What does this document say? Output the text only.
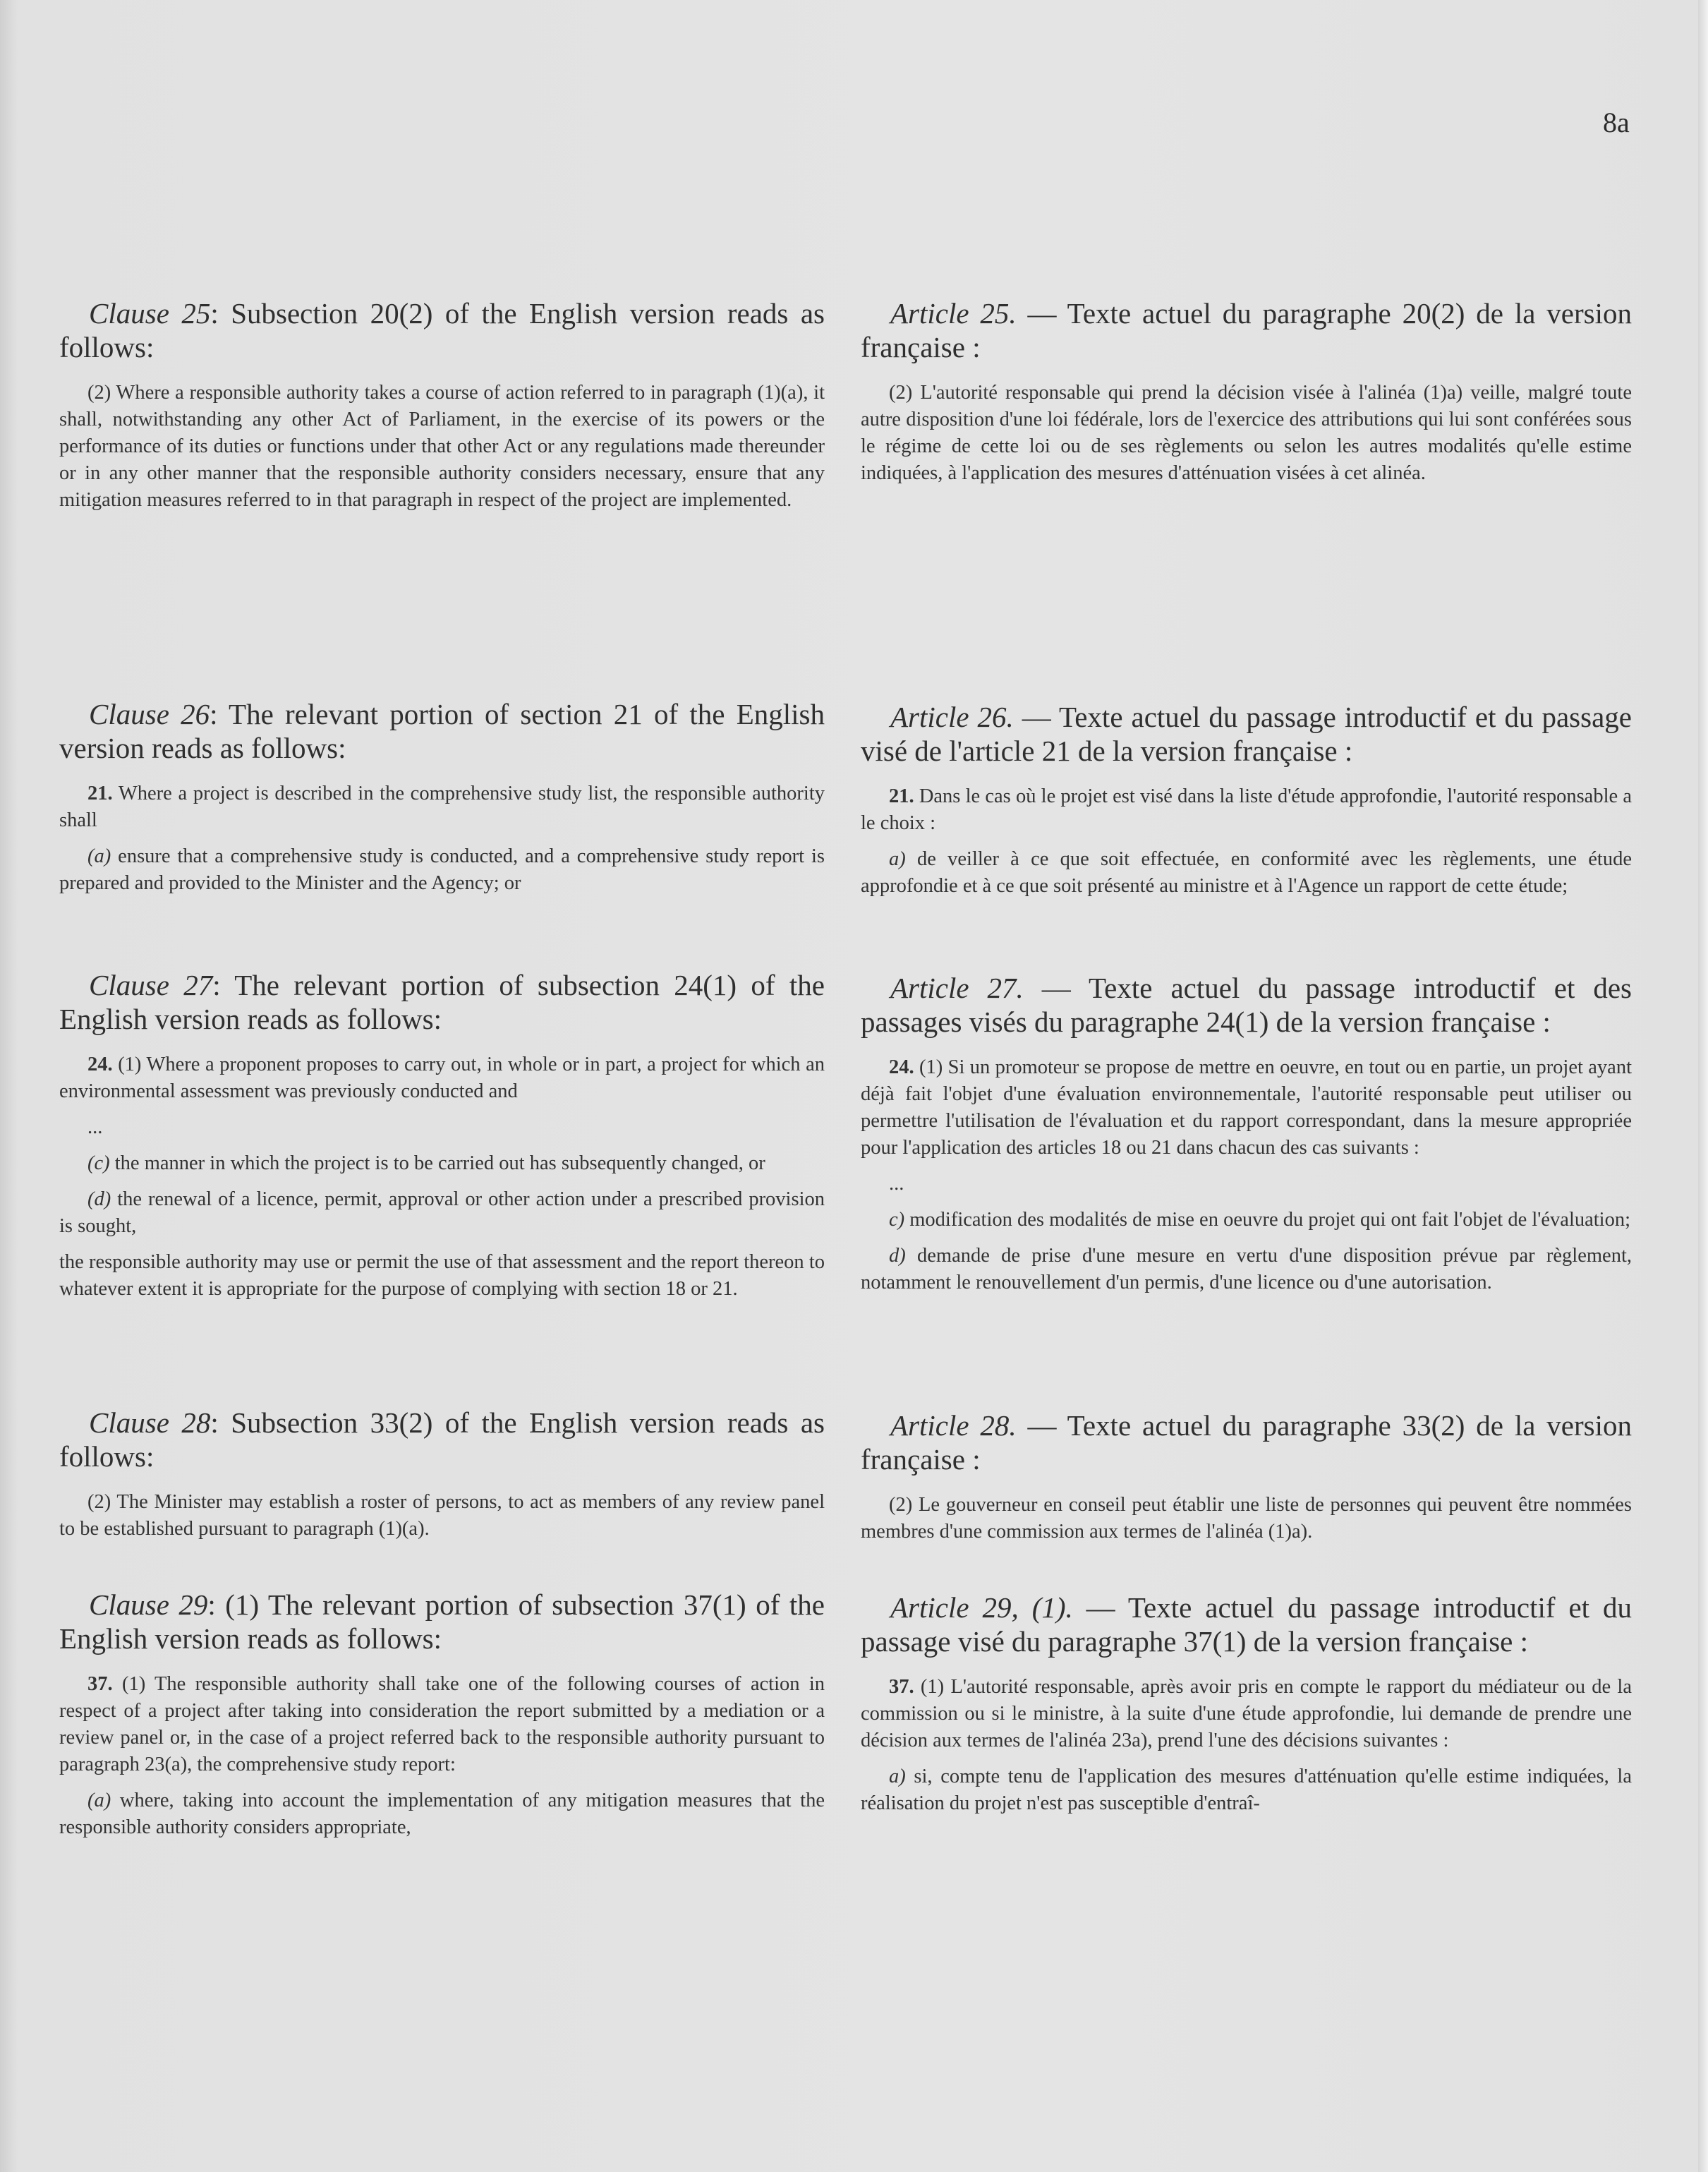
8a
Clause 25: Subsection 20(2) of the English version reads as follows:

(2) Where a responsible authority takes a course of action referred to in paragraph (1)(a), it shall, notwithstanding any other Act of Parliament, in the exercise of its powers or the performance of its duties or functions under that other Act or any regulations made thereunder or in any other manner that the responsible authority considers necessary, ensure that any mitigation measures referred to in that paragraph in respect of the project are implemented.

Clause 26: The relevant portion of section 21 of the English version reads as follows:

21. Where a project is described in the comprehensive study list, the responsible authority shall

(a) ensure that a comprehensive study is conducted, and a comprehensive study report is prepared and provided to the Minister and the Agency; or

Clause 27: The relevant portion of subsection 24(1) of the English version reads as follows:

24. (1) Where a proponent proposes to carry out, in whole or in part, a project for which an environmental assessment was previously conducted and

...

(c) the manner in which the project is to be carried out has subsequently changed, or

(d) the renewal of a licence, permit, approval or other action under a prescribed provision is sought,

the responsible authority may use or permit the use of that assessment and the report thereon to whatever extent it is appropriate for the purpose of complying with section 18 or 21.

Clause 28: Subsection 33(2) of the English version reads as follows:

(2) The Minister may establish a roster of persons, to act as members of any review panel to be established pursuant to paragraph (1)(a).

Clause 29: (1) The relevant portion of subsection 37(1) of the English version reads as follows:

37. (1) The responsible authority shall take one of the following courses of action in respect of a project after taking into consideration the report submitted by a mediation or a review panel or, in the case of a project referred back to the responsible authority pursuant to paragraph 23(a), the comprehensive study report:

(a) where, taking into account the implementation of any mitigation measures that the responsible authority considers appropriate,

Article 25. — Texte actuel du paragraphe 20(2) de la version française :

(2) L'autorité responsable qui prend la décision visée à l'alinéa (1)a) veille, malgré toute autre disposition d'une loi fédérale, lors de l'exercice des attributions qui lui sont conférées sous le régime de cette loi ou de ses règlements ou selon les autres modalités qu'elle estime indiquées, à l'application des mesures d'atténuation visées à cet alinéa.

Article 26. — Texte actuel du passage introductif et du passage visé de l'article 21 de la version française :

21. Dans le cas où le projet est visé dans la liste d'étude approfondie, l'autorité responsable a le choix :

a) de veiller à ce que soit effectuée, en conformité avec les règlements, une étude approfondie et à ce que soit présenté au ministre et à l'Agence un rapport de cette étude;

Article 27. — Texte actuel du passage introductif et des passages visés du paragraphe 24(1) de la version française :

24. (1) Si un promoteur se propose de mettre en oeuvre, en tout ou en partie, un projet ayant déjà fait l'objet d'une évaluation environnementale, l'autorité responsable peut utiliser ou permettre l'utilisation de l'évaluation et du rapport correspondant, dans la mesure appropriée pour l'application des articles 18 ou 21 dans chacun des cas suivants :

...

c) modification des modalités de mise en oeuvre du projet qui ont fait l'objet de l'évaluation;

d) demande de prise d'une mesure en vertu d'une disposition prévue par règlement, notamment le renouvellement d'un permis, d'une licence ou d'une autorisation.

Article 28. — Texte actuel du paragraphe 33(2) de la version française :

(2) Le gouverneur en conseil peut établir une liste de personnes qui peuvent être nommées membres d'une commission aux termes de l'alinéa (1)a).

Article 29, (1). — Texte actuel du passage introductif et du passage visé du paragraphe 37(1) de la version française :

37. (1) L'autorité responsable, après avoir pris en compte le rapport du médiateur ou de la commission ou si le ministre, à la suite d'une étude approfondie, lui demande de prendre une décision aux termes de l'alinéa 23a), prend l'une des décisions suivantes :

a) si, compte tenu de l'application des mesures d'atténuation qu'elle estime indiquées, la réalisation du projet n'est pas susceptible d'entraî-
